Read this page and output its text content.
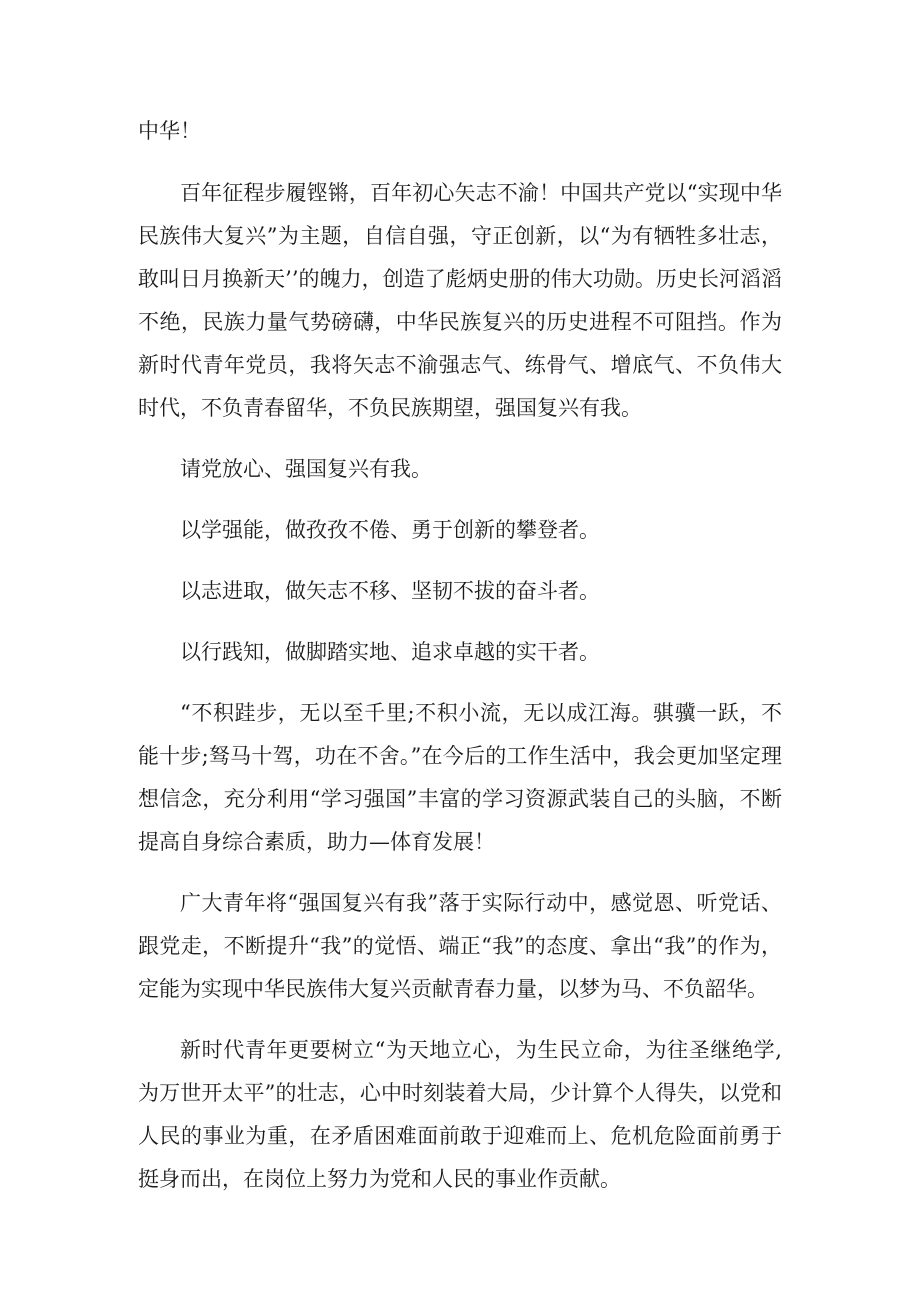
中华！

百年征程步履铿锵，百年初心矢志不渝！中国共产党以“实现中华民族伟大复兴”为主题，自信自强，守正创新，以“为有牺牲多壮志，敢叫日月换新天’’的魄力，创造了彪炳史册的伟大功勋。历史长河滔滔不绝，民族力量气势磅礴，中华民族复兴的历史进程不可阻挡。作为新时代青年党员，我将矢志不渝强志气、练骨气、增底气、不负伟大时代，不负青春留华，不负民族期望，强国复兴有我。

请党放心、强国复兴有我。

以学强能，做孜孜不倦、勇于创新的攀登者。

以志进取，做矢志不移、坚韧不拔的奋斗者。

以行践知，做脚踏实地、追求卓越的实干者。

“不积跬步，无以至千里;不积小流，无以成江海。骐骥一跃，不能十步;驽马十驾，功在不舍。”在今后的工作生活中，我会更加坚定理想信念，充分利用“学习强国”丰富的学习资源武装自己的头脑，不断提高自身综合素质，助力—体育发展！

广大青年将“强国复兴有我”落于实际行动中，感觉恩、听党话、跟党走，不断提升“我”的觉悟、端正“我”的态度、拿出“我”的作为，定能为实现中华民族伟大复兴贡献青春力量，以梦为马、不负韶华。

新时代青年更要树立“为天地立心，为生民立命，为往圣继绝学,为万世开太平”的壮志，心中时刻装着大局，少计算个人得失，以党和人民的事业为重，在矛盾困难面前敢于迎难而上、危机危险面前勇于挺身而出，在岗位上努力为党和人民的事业作贡献。
